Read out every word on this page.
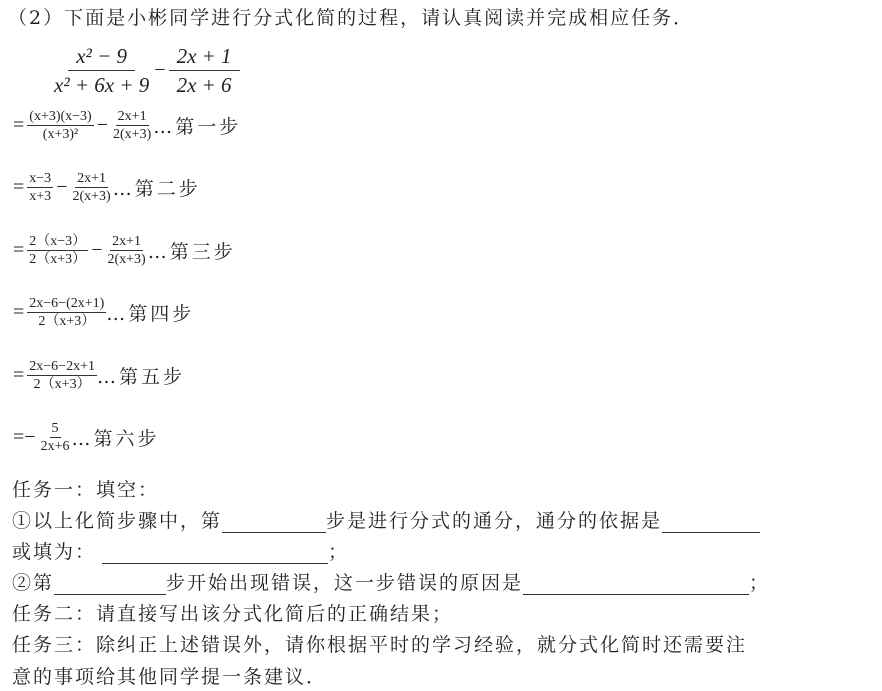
（2）下面是小彬同学进行分式化简的过程，请认真阅读并完成相应任务．
$\frac{\text{x² − 9}}{\text{x² + 6x + 9}} - \frac{2x + 1}{2x + 6}$
= $\frac{(x+3)(x-3)}{\text{(x+3)²}} - \frac{2x+1}{2(x+3)}$ …第一步
= $\frac{x-3}{x+3} - \frac{2x+1}{2(x+3)}$ …第二步
= $\frac{2(x-3)}{2(x+3)} - \frac{2x+1}{2(x+3)}$ …第三步
= $\frac{2x-6-(2x+1)}{2(x+3)}$ …第四步
= $\frac{2x-6-2x+1}{2(x+3)}$ …第五步
=− $\frac{5}{2x+6}$ …第六步
任务一：填空：
①以上化简步骤中，第	步是进行分式的通分，通分的依据是
或填为：	；
②第	步开始出现错误，这一步错误的原因是	；
任务二：请直接写出该分式化简后的正确结果；
任务三：除纠正上述错误外，请你根据平时的学习经验，就分式化简时还需要注
意的事项给其他同学提一条建议．
